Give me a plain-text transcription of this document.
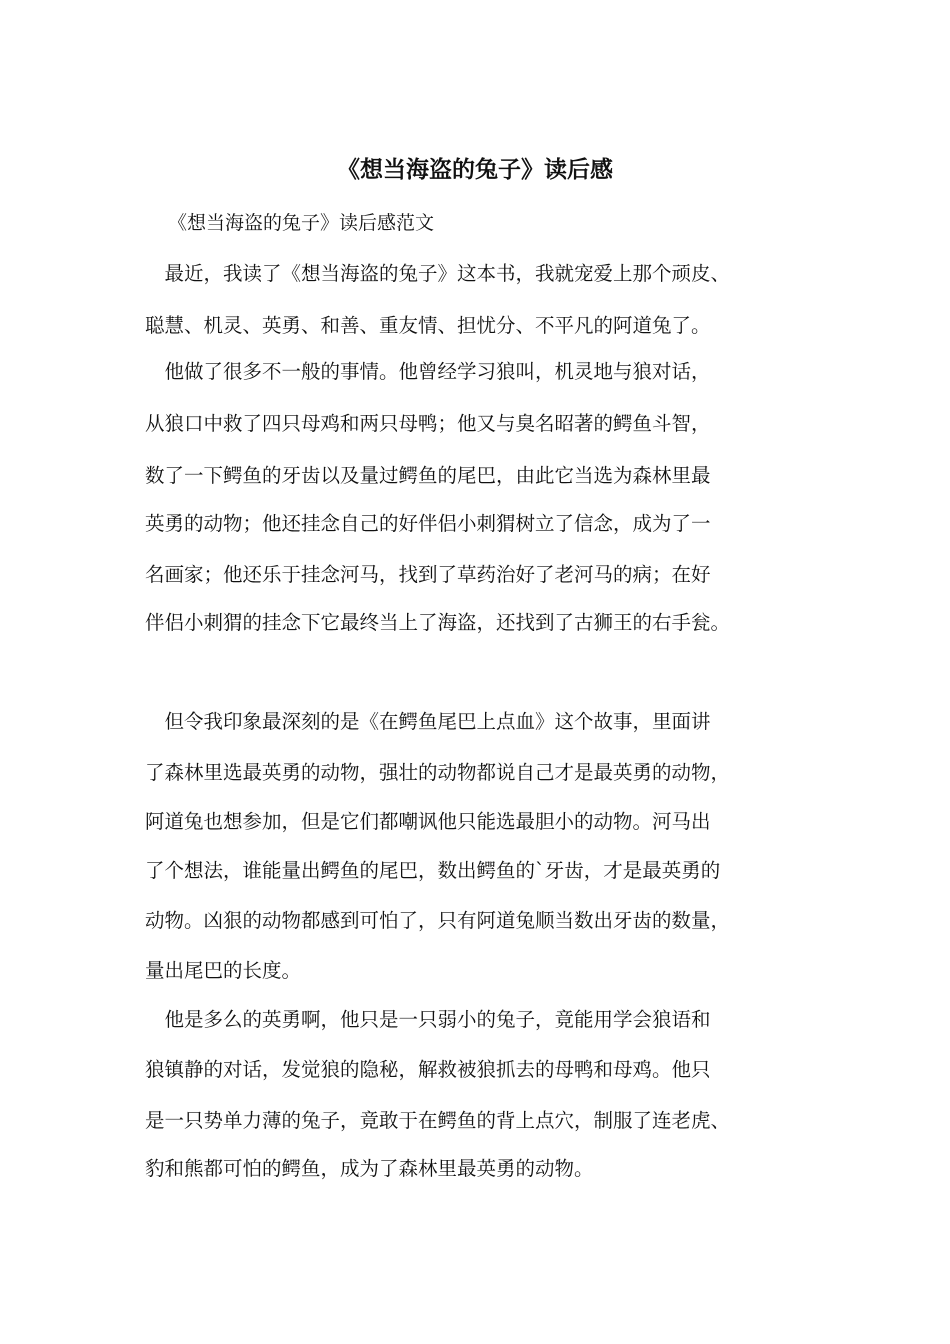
《想当海盗的兔子》读后感

《想当海盗的兔子》读后感范文

　最近，我读了《想当海盗的兔子》这本书，我就宠爱上那个顽皮、

聪慧、机灵、英勇、和善、重友情、担忧分、不平凡的阿道兔了。

　他做了很多不一般的事情。他曾经学习狼叫，机灵地与狼对话，

从狼口中救了四只母鸡和两只母鸭；他又与臭名昭著的鳄鱼斗智，

数了一下鳄鱼的牙齿以及量过鳄鱼的尾巴，由此它当选为森林里最

英勇的动物；他还挂念自己的好伴侣小刺猬树立了信念，成为了一

名画家；他还乐于挂念河马，找到了草药治好了老河马的病；在好

伴侣小刺猬的挂念下它最终当上了海盗，还找到了古狮王的右手瓮。

　但令我印象最深刻的是《在鳄鱼尾巴上点血》这个故事，里面讲

了森林里选最英勇的动物，强壮的动物都说自己才是最英勇的动物，

阿道兔也想参加，但是它们都嘲讽他只能选最胆小的动物。河马出

了个想法，谁能量出鳄鱼的尾巴，数出鳄鱼的`牙齿，才是最英勇的

动物。凶狠的动物都感到可怕了，只有阿道兔顺当数出牙齿的数量，

量出尾巴的长度。

　他是多么的英勇啊，他只是一只弱小的兔子，竟能用学会狼语和

狼镇静的对话，发觉狼的隐秘，解救被狼抓去的母鸭和母鸡。他只

是一只势单力薄的兔子，竟敢于在鳄鱼的背上点穴，制服了连老虎、

豹和熊都可怕的鳄鱼，成为了森林里最英勇的动物。
